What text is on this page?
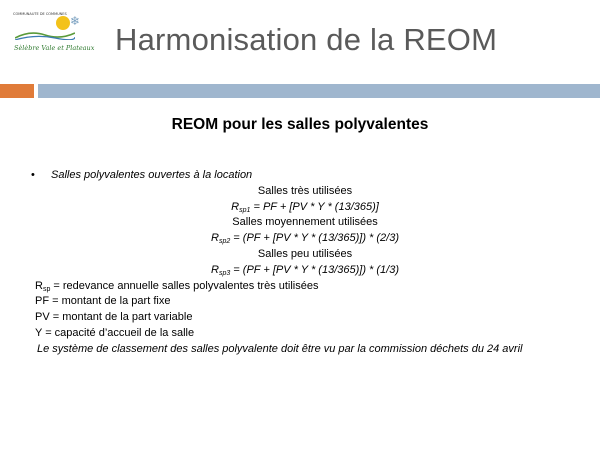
COMMUNAUTE DE COMMUNES ❄
Sèlèbre Vale et Plateaux Harmonisation de la REOM
REOM pour les salles polyvalentes
• Salles polyvalentes ouvertes à la location
Salles très utilisées
$R_{sp1}$ = PF + [PV * Y * (13/365)]
Salles moyennement utilisées
$R_{sp2} = (PF + [PV * Y * (13/365)]) * (2/3)$
Salles peu utilisées
$R_{sp3} = (PF + [PV * Y * (13/365)]) * (1/3)$
$R_{sp}$ = redevance annuelle salles polyvalentes très utilisées
PF = montant de la part fixe
PV = montant de la part variable
Y = capacité d’accueil de la salle
Le système de classement des salles polyvalente doit être vu par la commission déchets du 24 avril
